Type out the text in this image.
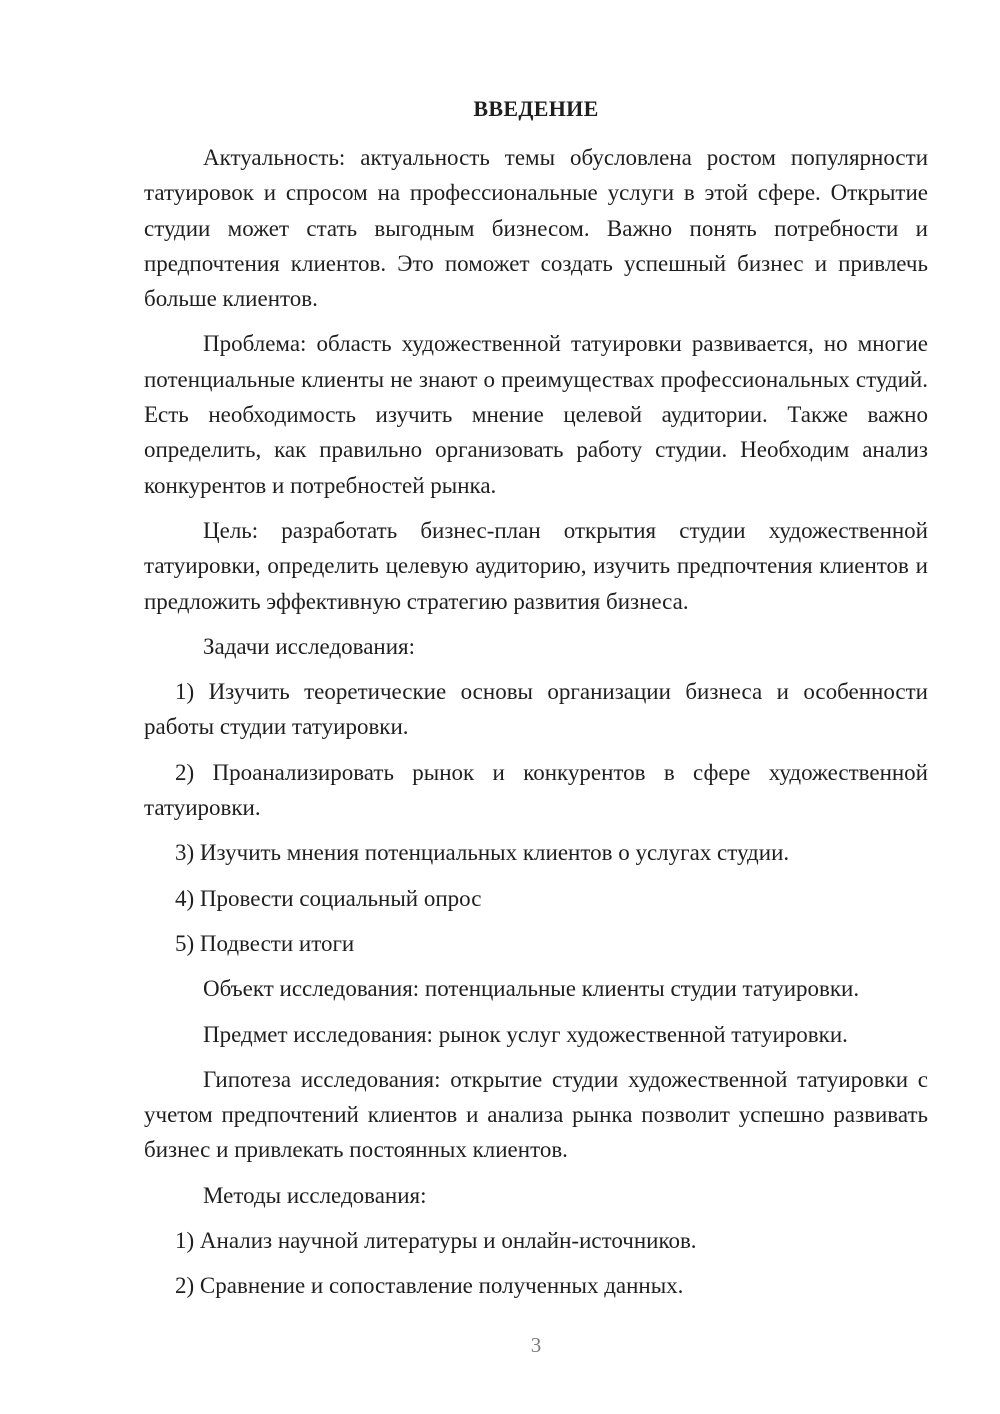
ВВЕДЕНИЕ

Актуальность: актуальность темы обусловлена ростом популярности татуировок и спросом на профессиональные услуги в этой сфере. Открытие студии может стать выгодным бизнесом. Важно понять потребности и предпочтения клиентов. Это поможет создать успешный бизнес и привлечь больше клиентов.

Проблема: область художественной татуировки развивается, но многие потенциальные клиенты не знают о преимуществах профессиональных студий. Есть необходимость изучить мнение целевой аудитории. Также важно определить, как правильно организовать работу студии. Необходим анализ конкурентов и потребностей рынка.

Цель: разработать бизнес-план открытия студии художественной татуировки, определить целевую аудиторию, изучить предпочтения клиентов и предложить эффективную стратегию развития бизнеса.

Задачи исследования:

1) Изучить теоретические основы организации бизнеса и особенности работы студии татуировки.

2) Проанализировать рынок и конкурентов в сфере художественной татуировки.

3) Изучить мнения потенциальных клиентов о услугах студии.

4) Провести социальный опрос

5) Подвести итоги

Объект исследования: потенциальные клиенты студии татуировки.

Предмет исследования: рынок услуг художественной татуировки.

Гипотеза исследования: открытие студии художественной татуировки с учетом предпочтений клиентов и анализа рынка позволит успешно развивать бизнес и привлекать постоянных клиентов.

Методы исследования:

1) Анализ научной литературы и онлайн-источников.

2) Сравнение и сопоставление полученных данных.

3
